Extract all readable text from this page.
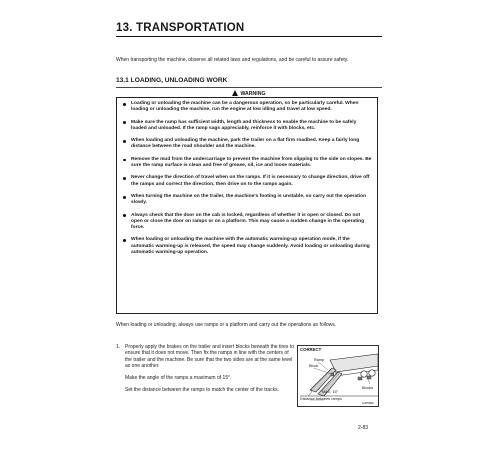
13. TRANSPORTATION

When transporting the machine, observe all related laws and regulations, and be careful to assure safety.

13.1 LOADING, UNLOADING WORK
WARNING
Loading or unloading the machine can be a dangerous operation, so be particularly careful. When loading or unloading the machine, run the engine at low idling and travel at low speed.
Make sure the ramp has sufficient width, length and thickness to enable the machine to be safely loaded and unloaded. If the ramp sags appreciably, reinforce it with blocks, etc.
When loading and unloading the machine, park the trailer on a flat firm roadbed. Keep a fairly long distance between the road shoulder and the machine.
Remove the mud from the undercarriage to prevent the machine from slipping to the side on slopes. Be sure the ramp surface is clean and free of grease, oil, ice and loose materials.
Never change the direction of travel when on the ramps. If it is necessary to change direction, drive off the ramps and correct the direction, then drive on to the ramps again.
When turning the machine on the trailer, the machine's footing is unstable, so carry out the operation slowly.
Always check that the door on the cab is locked, regardless of whether it is open or closed. Do not open or close the door on ramps or on a platform. This may cause a sudden change in the operating force.
When loading or unloading the machine with the automatic warming-up operation mode, if the automatic warming-up is released, the speed may change suddenly. Avoid loading or unloading during automatic warming-up operation.

When loading or unloading, always use ramps or a platform and carry out the operations as follows.

1. Properly apply the brakes on the trailer and insert blocks beneath the tires to ensure that it does not move. Then fix the ramps in line with the centers of the trailer and the machine. Be sure that the two sides are at the same level as one another.

Make the angle of the ramps a maximum of 15°.

Set the distance between the ramps to match the center of the tracks.

CORRECT
Ramp
Block
MAX. 15°
Blocks
Distance between ramps
AJ05860
2-83
